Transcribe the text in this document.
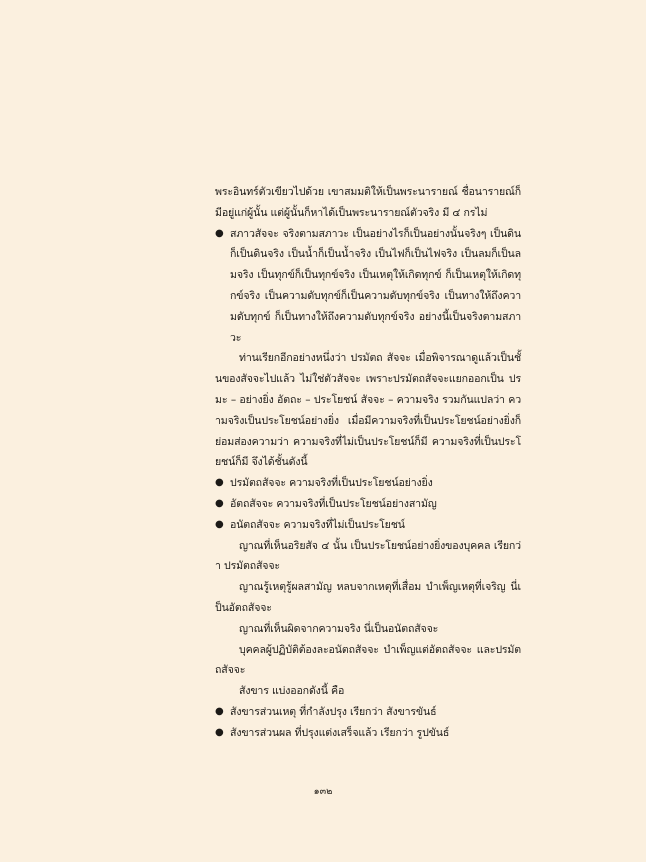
พระอินทร์ตัวเขียวไปด้วย เขาสมมติให้เป็นพระนารายณ์ ชื่อนารายณ์ก็มีอยู่แก่ผู้นั้น แต่ผู้นั้นก็หาได้เป็นพระนารายณ์ตัวจริง มี ๔ กรไม่

● สภาวสัจจะ จริงตามสภาวะ เป็นอย่างไรก็เป็นอย่างนั้นจริงๆ เป็นดินก็เป็นดินจริง เป็นน้ำก็เป็นน้ำจริง เป็นไฟก็เป็นไฟจริง เป็นลมก็เป็นลมจริง เป็นทุกข์ก็เป็นทุกข์จริง เป็นเหตุให้เกิดทุกข์ ก็เป็นเหตุให้เกิดทุกข์จริง เป็นความดับทุกข์ก็เป็นความดับทุกข์จริง เป็นทางให้ถึงความดับทุกข์ ก็เป็นทางให้ถึงความดับทุกข์จริง อย่างนี้เป็นจริงตามสภาวะ

ท่านเรียกอีกอย่างหนึ่งว่า ปรมัตถ สัจจะ เมื่อพิจารณาดูแล้วเป็นชั้นของสัจจะไปแล้ว ไม่ใช่ตัวสัจจะ เพราะปรมัตถสัจจะแยกออกเป็น ปรมะ – อย่างยิ่ง อัตถะ – ประโยชน์ สัจจะ – ความจริง รวมกันแปลว่า ความจริงเป็นประโยชน์อย่างยิ่ง เมื่อมีความจริงที่เป็นประโยชน์อย่างยิ่งก็ย่อมส่องความว่า ความจริงที่ไม่เป็นประโยชน์ก็มี ความจริงที่เป็นประโยชน์ก็มี จึงได้ชั้นดังนี้

● ปรมัตถสัจจะ ความจริงที่เป็นประโยชน์อย่างยิ่ง

● อัตถสัจจะ ความจริงที่เป็นประโยชน์อย่างสามัญ

● อนัตถสัจจะ ความจริงที่ไม่เป็นประโยชน์

ญาณที่เห็นอริยสัจ ๔ นั้น เป็นประโยชน์อย่างยิ่งของบุคคล เรียกว่า ปรมัตถสัจจะ

ญาณรู้เหตุรู้ผลสามัญ หลบจากเหตุที่เสื่อม บำเพ็ญเหตุที่เจริญ นี่เป็นอัตถสัจจะ

ญาณที่เห็นผิดจากความจริง นี่เป็นอนัตถสัจจะ

บุคคลผู้ปฏิบัติต้องละอนัตถสัจจะ บำเพ็ญแต่อัตถสัจจะ และปรมัตถสัจจะ

สังขาร แบ่งออกดังนี้ คือ

● สังขารส่วนเหตุ ที่กำลังปรุง เรียกว่า สังขารขันธ์

● สังขารส่วนผล ที่ปรุงแต่งเสร็จแล้ว เรียกว่า รูปขันธ์

๑๓๒
